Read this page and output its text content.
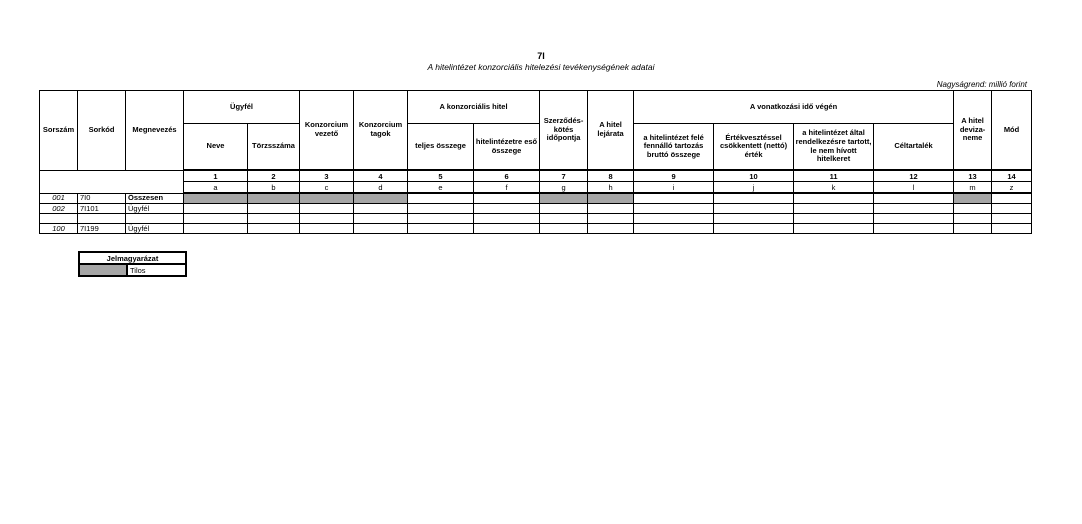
7I
A hitelintézet konzorciális hitelezési tevékenységének adatai
Nagyságrend: millió forint
Sorszám	Sorkód	Megnevezés	Ügyfél		Konzorcium vezető	Konzorcium tagok	A konzorciális hitel		Szerződés-kötés időpontja	A hitel lejárata	A vonatkozási idő végén				A hitel deviza-neme	Mód
			Neve	Törzsszáma			teljes összege	hitelintézetre eső összege			a hitelintézet felé fennálló tartozás bruttó összege	Értékvesztéssel csökkentett (nettó) érték	a hitelintézet által rendelkezésre tartott, le nem hívott hitelkeret	Céltartalék		
			1	2	3	4	5	6	7	8	9	10	11	12	13	14
			a	b	c	d	e	f	g	h	i	j	k	l	m	z
001	7I0	Összesen														
002	7I101	Ügyfél														

100	7I199	Ügyfél														
Jelmagyarázat
	Tilos
